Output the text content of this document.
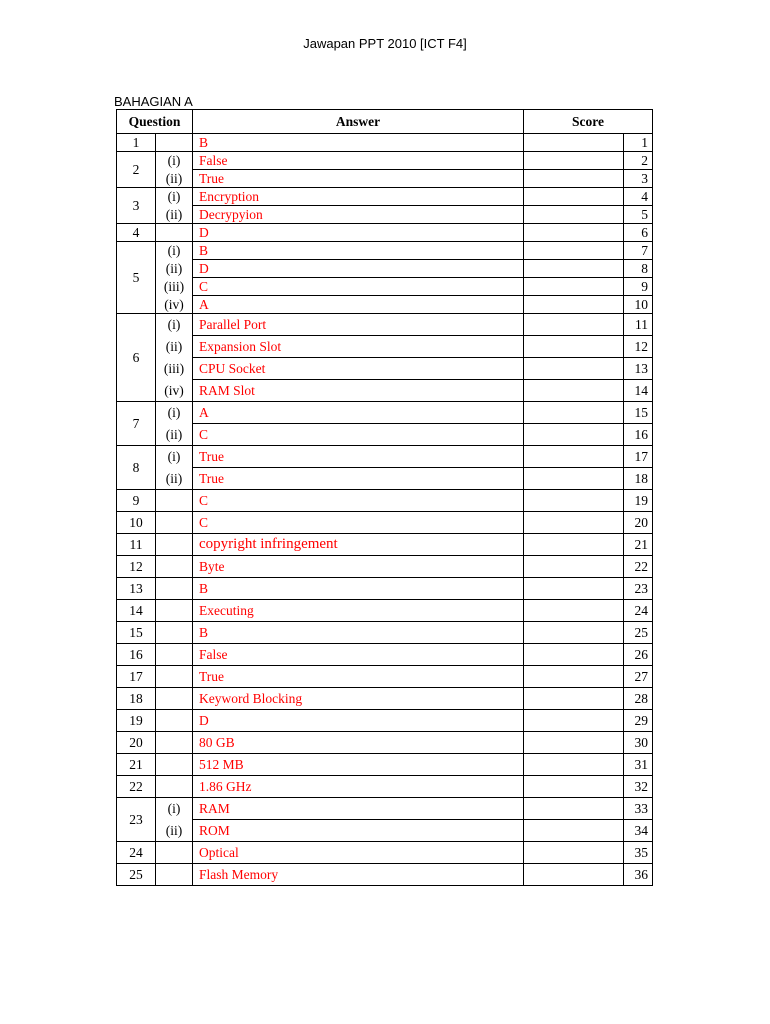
Jawapan PPT 2010 [ICT F4]
BAHAGIAN A
Question		Answer	Score	
1		B		1
2	(i)	False		2
	(ii)	True		3
3	(i)	Encryption		4
	(ii)	Decrypyion		5
4		D		6
5	(i)	B		7
	(ii)	D		8
	(iii)	C		9
	(iv)	A		10
6	(i)	Parallel Port		11
	(ii)	Expansion Slot		12
	(iii)	CPU Socket		13
	(iv)	RAM Slot		14
7	(i)	A		15
	(ii)	C		16
8	(i)	True		17
	(ii)	True		18
9		C		19
10		C		20
11		copyright infringement		21
12		Byte		22
13		B		23
14		Executing		24
15		B		25
16		False		26
17		True		27
18		Keyword Blocking		28
19		D		29
20		80 GB		30
21		512 MB		31
22		1.86 GHz		32
23	(i)	RAM		33
	(ii)	ROM		34
24		Optical		35
25		Flash Memory		36
